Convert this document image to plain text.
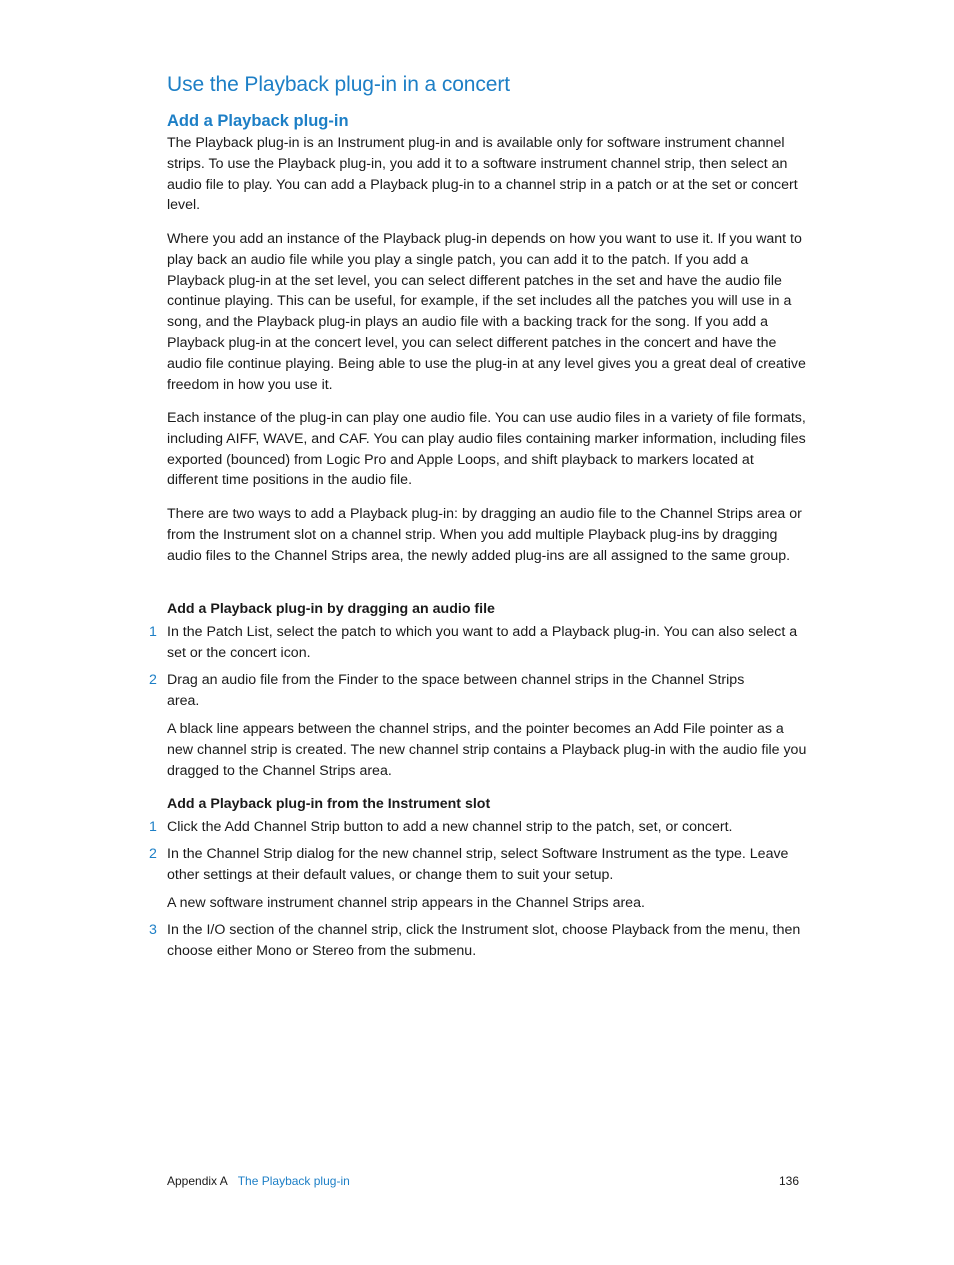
Use the Playback plug-in in a concert
Add a Playback plug-in

The Playback plug-in is an Instrument plug-in and is available only for software instrument channel strips. To use the Playback plug-in, you add it to a software instrument channel strip, then select an audio file to play. You can add a Playback plug-in to a channel strip in a patch or at the set or concert level.

Where you add an instance of the Playback plug-in depends on how you want to use it. If you want to play back an audio file while you play a single patch, you can add it to the patch. If you add a Playback plug-in at the set level, you can select different patches in the set and have the audio file continue playing. This can be useful, for example, if the set includes all the patches you will use in a song, and the Playback plug-in plays an audio file with a backing track for the song. If you add a Playback plug-in at the concert level, you can select different patches in the concert and have the audio file continue playing. Being able to use the plug-in at any level gives you a great deal of creative freedom in how you use it.

Each instance of the plug-in can play one audio file. You can use audio files in a variety of file formats, including AIFF, WAVE, and CAF. You can play audio files containing marker information, including files exported (bounced) from Logic Pro and Apple Loops, and shift playback to markers located at different time positions in the audio file.

There are two ways to add a Playback plug-in: by dragging an audio file to the Channel Strips area or from the Instrument slot on a channel strip. When you add multiple Playback plug-ins by dragging audio files to the Channel Strips area, the newly added plug-ins are all assigned to the same group.

Add a Playback plug-in by dragging an audio file
1 In the Patch List, select the patch to which you want to add a Playback plug-in. You can also select a set or the concert icon.

2 Drag an audio file from the Finder to the space between channel strips in the Channel Strips area.

A black line appears between the channel strips, and the pointer becomes an Add File pointer as a new channel strip is created. The new channel strip contains a Playback plug-in with the audio file you dragged to the Channel Strips area.

Add a Playback plug-in from the Instrument slot
1 Click the Add Channel Strip button to add a new channel strip to the patch, set, or concert.

2 In the Channel Strip dialog for the new channel strip, select Software Instrument as the type. Leave other settings at their default values, or change them to suit your setup.

A new software instrument channel strip appears in the Channel Strips area.

3 In the I/O section of the channel strip, click the Instrument slot, choose Playback from the menu, then choose either Mono or Stereo from the submenu.

Appendix A The Playback plug-in	136
